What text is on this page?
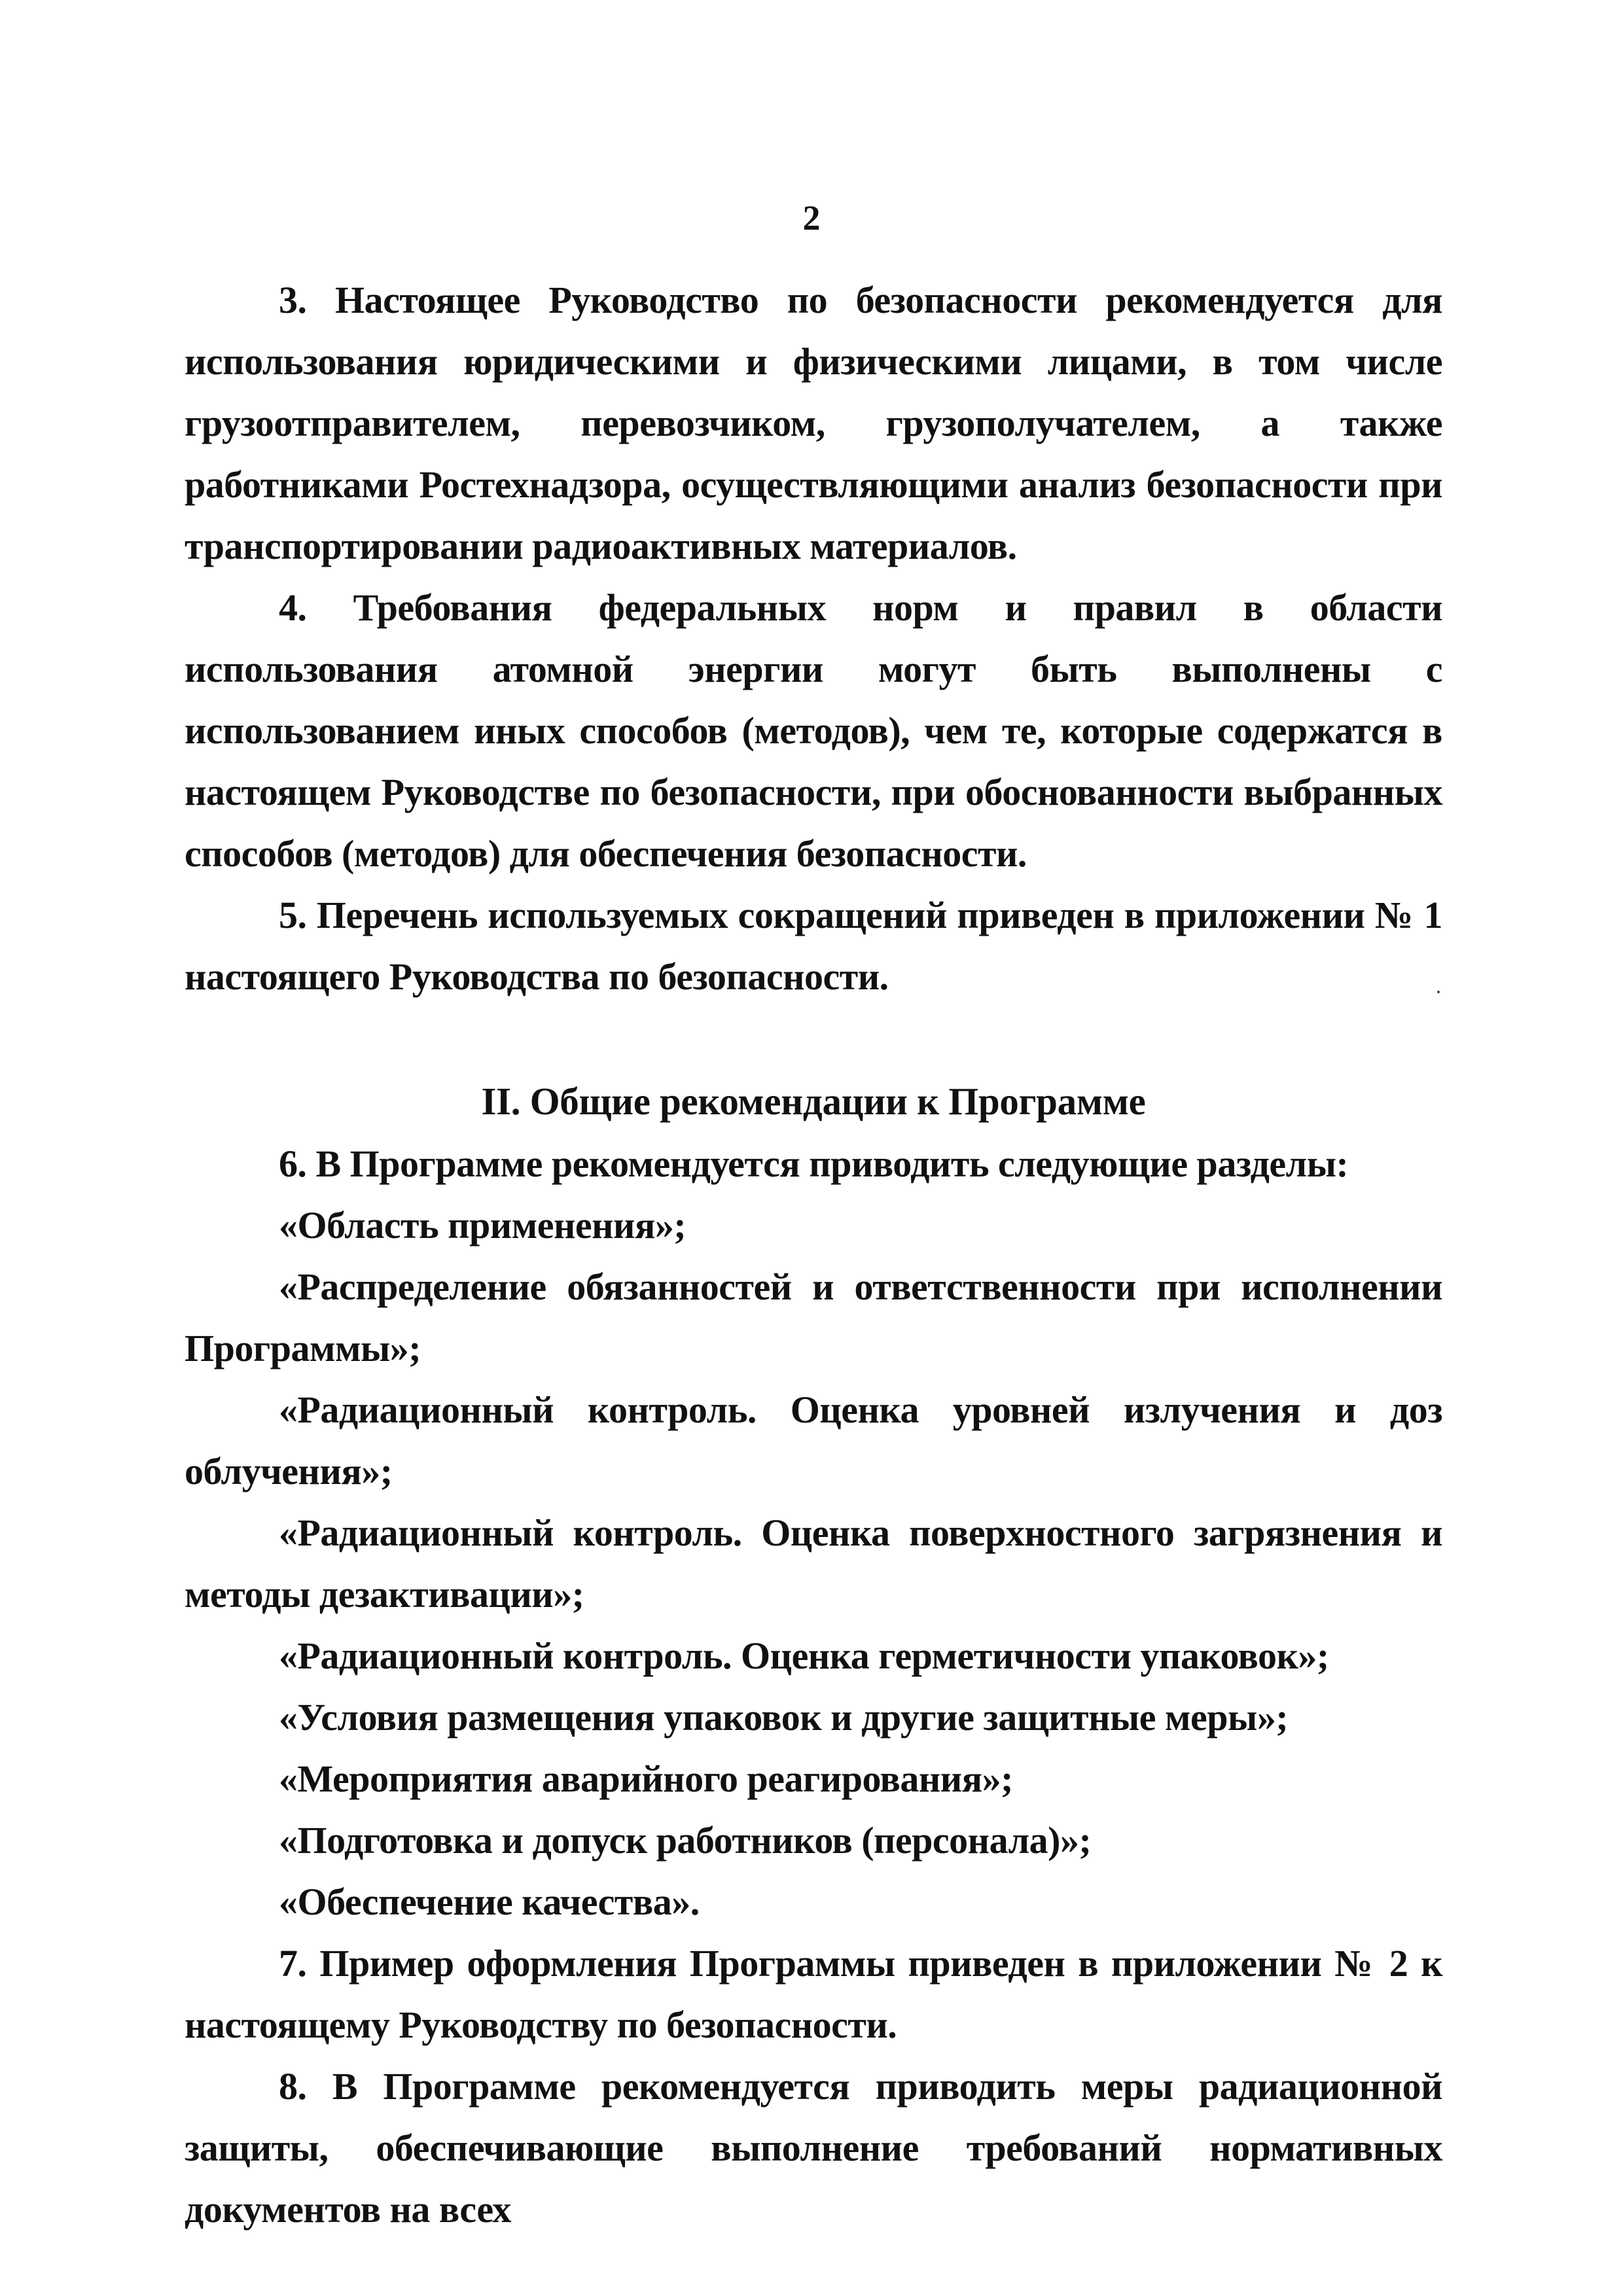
2

3. Настоящее Руководство по безопасности рекомендуется для использования юридическими и физическими лицами, в том числе грузоотправителем, перевозчиком, грузополучателем, а также работниками Ростехнадзора, осуществляющими анализ безопасности при транспортировании радиоактивных материалов.

4. Требования федеральных норм и правил в области использования атомной энергии могут быть выполнены с использованием иных способов (методов), чем те, которые содержатся в настоящем Руководстве по безопасности, при обоснованности выбранных способов (методов) для обеспечения безопасности.

5. Перечень используемых сокращений приведен в приложении № 1 настоящего Руководства по безопасности.

II. Общие рекомендации к Программе

6. В Программе рекомендуется приводить следующие разделы:

«Область применения»;

«Распределение обязанностей и ответственности при исполнении Программы»;

«Радиационный контроль. Оценка уровней излучения и доз облучения»;

«Радиационный контроль. Оценка поверхностного загрязнения и методы дезактивации»;

«Радиационный контроль. Оценка герметичности упаковок»;

«Условия размещения упаковок и другие защитные меры»;

«Мероприятия аварийного реагирования»;

«Подготовка и допуск работников (персонала)»;

«Обеспечение качества».

7. Пример оформления Программы приведен в приложении № 2 к настоящему Руководству по безопасности.

8. В Программе рекомендуется приводить меры радиационной защиты, обеспечивающие выполнение требований нормативных документов на всех
